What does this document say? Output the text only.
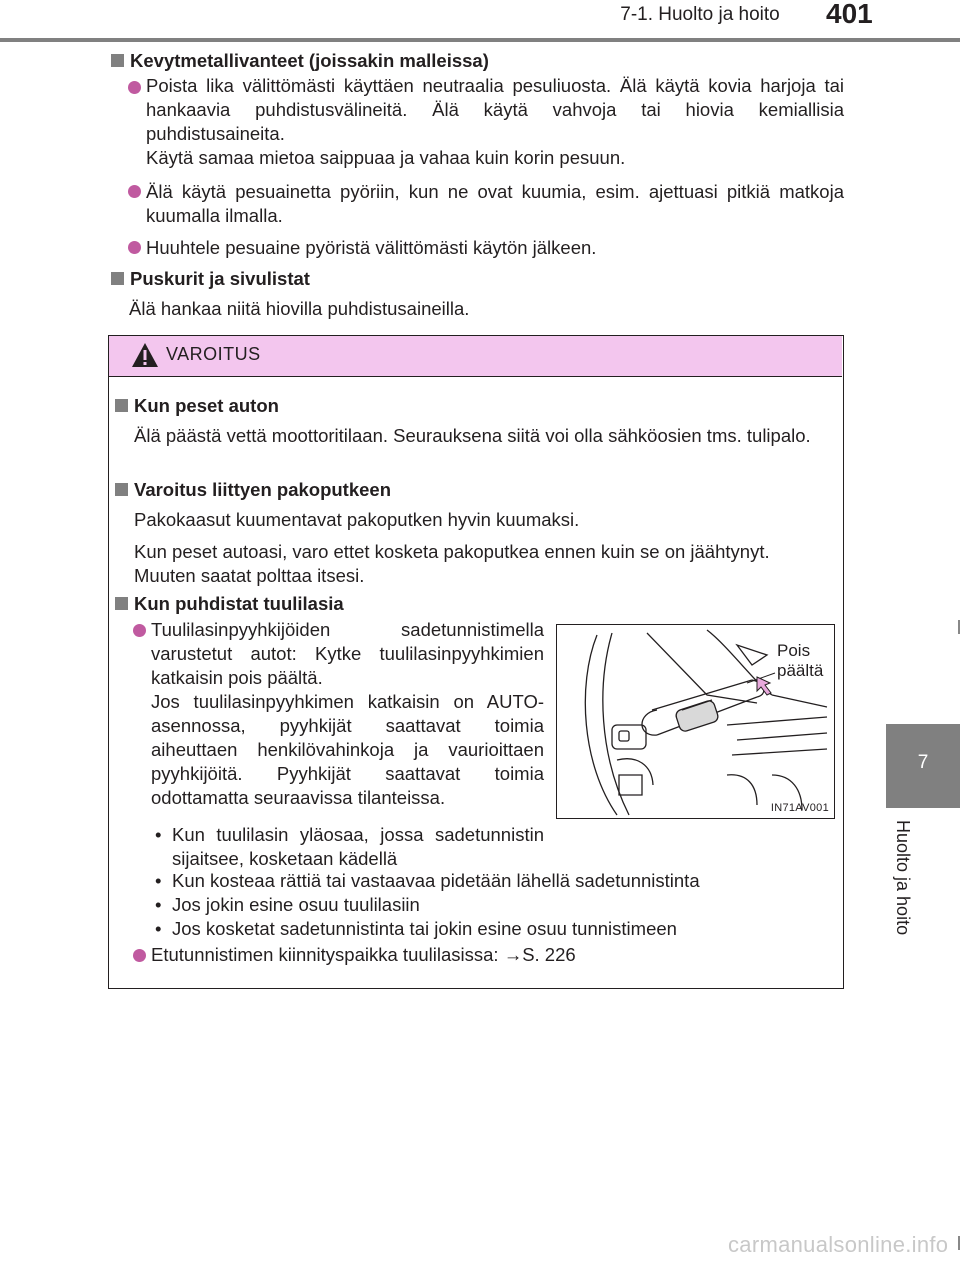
7-1. Huolto ja hoito	401
7
Huolto ja hoito
Kevytmetallivanteet (joissakin malleissa)
Poista lika välittömästi käyttäen neutraalia pesuliuosta. Älä käytä kovia harjoja tai hankaavia puhdistusvälineitä. Älä käytä vahvoja tai hiovia kemiallisia puhdistusaineita.
Käytä samaa mietoa saippuaa ja vahaa kuin korin pesuun.
Älä käytä pesuainetta pyöriin, kun ne ovat kuumia, esim. ajettuasi pitkiä matkoja kuumalla ilmalla.
Huuhtele pesuaine pyöristä välittömästi käytön jälkeen.
Puskurit ja sivulistat
Älä hankaa niitä hiovilla puhdistusaineilla.
VAROITUS
Kun peset auton
Älä päästä vettä moottoritilaan. Seurauksena siitä voi olla sähköosien tms. tulipalo.
Varoitus liittyen pakoputkeen
Pakokaasut kuumentavat pakoputken hyvin kuumaksi.
Kun peset autoasi, varo ettet kosketa pakoputkea ennen kuin se on jäähtynyt. Muuten saatat polttaa itsesi.
Kun puhdistat tuulilasia
Tuulilasinpyyhkijöiden sadetunnistimella varustetut autot: Kytke tuulilasinpyyhkimien katkaisin pois päältä.
Jos tuulilasinpyyhkimen katkaisin on AUTO-asennossa, pyyhkijät saattavat toimia aiheuttaen henkilövahinkoja ja vaurioittaen pyyhkijöitä. Pyyhkijät saattavat toimia odottamatta seuraavissa tilanteissa.
• Kun tuulilasin yläosaa, jossa sadetunnistin sijaitsee, kosketaan kädellä
• Kun kosteaa rättiä tai vastaavaa pidetään lähellä sadetunnistinta
• Jos jokin esine osuu tuulilasiin
• Jos kosketat sadetunnistinta tai jokin esine osuu tunnistimeen
Etutunnistimen kiinnityspaikka tuulilasissa: →S. 226
Pois päältä
IN71AV001
carmanualsonline.info
